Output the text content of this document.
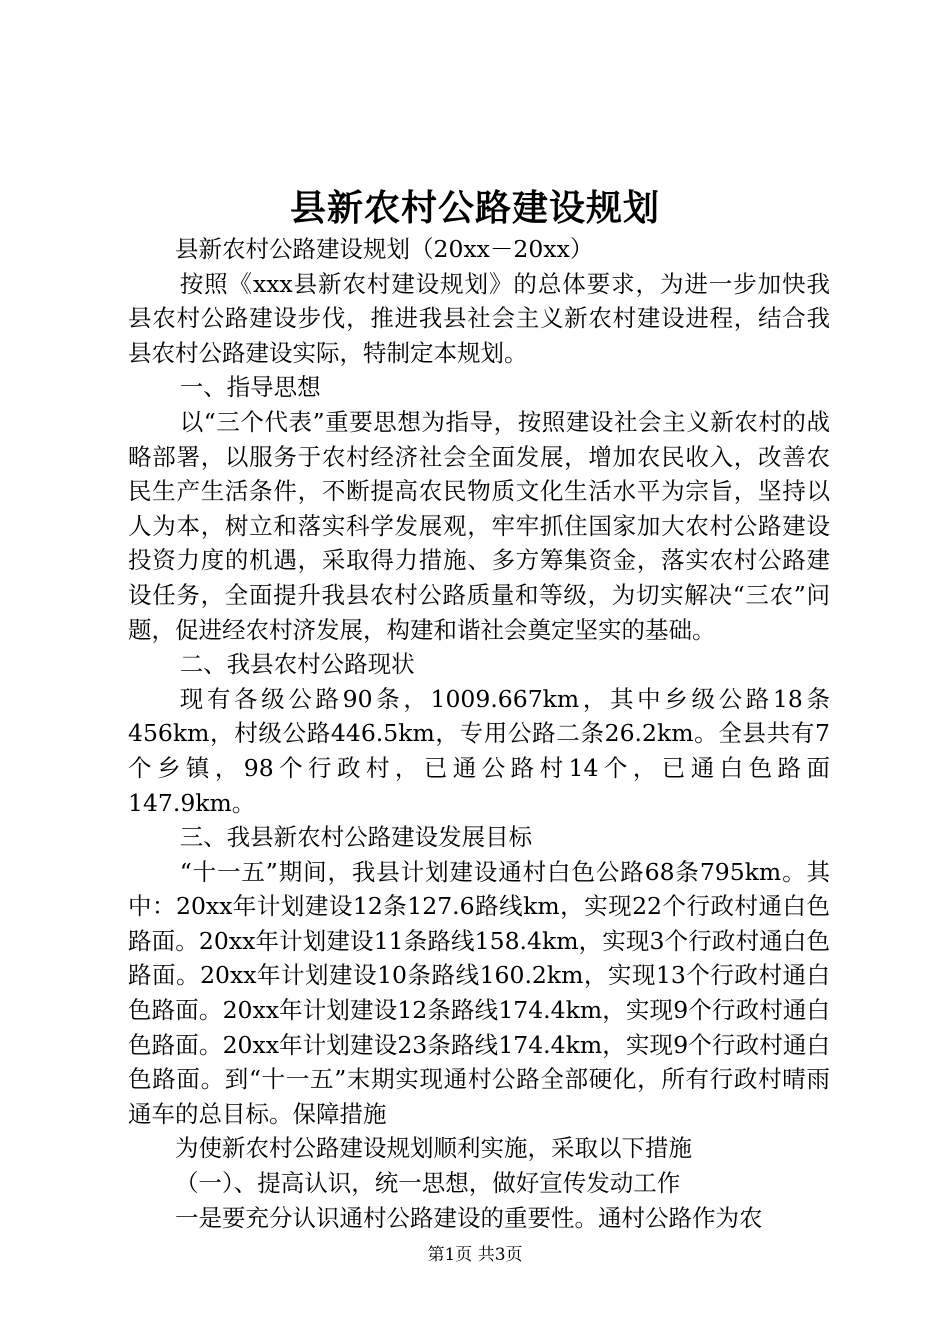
县新农村公路建设规划

县新农村公路建设规划（20xx－20xx）

按照《xxx县新农村建设规划》的总体要求，为进一步加快我县农村公路建设步伐，推进我县社会主义新农村建设进程，结合我县农村公路建设实际，特制定本规划。

一、指导思想

以“三个代表”重要思想为指导，按照建设社会主义新农村的战略部署，以服务于农村经济社会全面发展，增加农民收入，改善农民生产生活条件，不断提高农民物质文化生活水平为宗旨，坚持以人为本，树立和落实科学发展观，牢牢抓住国家加大农村公路建设投资力度的机遇，采取得力措施、多方筹集资金，落实农村公路建设任务，全面提升我县农村公路质量和等级，为切实解决“三农”问题，促进经农村济发展，构建和谐社会奠定坚实的基础。

二、我县农村公路现状

现有各级公路90条，1009.667km，其中乡级公路18条456km，村级公路446.5km，专用公路二条26.2km。全县共有7个乡镇，98个行政村，已通公路村14个，已通白色路面147.9km。

三、我县新农村公路建设发展目标

“十一五”期间，我县计划建设通村白色公路68条795km。其中：20xx年计划建设12条127.6路线km，实现22个行政村通白色路面。20xx年计划建设11条路线158.4km，实现3个行政村通白色路面。20xx年计划建设10条路线160.2km，实现13个行政村通白色路面。20xx年计划建设12条路线174.4km，实现9个行政村通白色路面。20xx年计划建设23条路线174.4km，实现9个行政村通白色路面。到“十一五”末期实现通村公路全部硬化，所有行政村晴雨通车的总目标。保障措施

为使新农村公路建设规划顺利实施，采取以下措施

（一）、提高认识，统一思想，做好宣传发动工作

一是要充分认识通村公路建设的重要性。通村公路作为农

第1页 共3页
